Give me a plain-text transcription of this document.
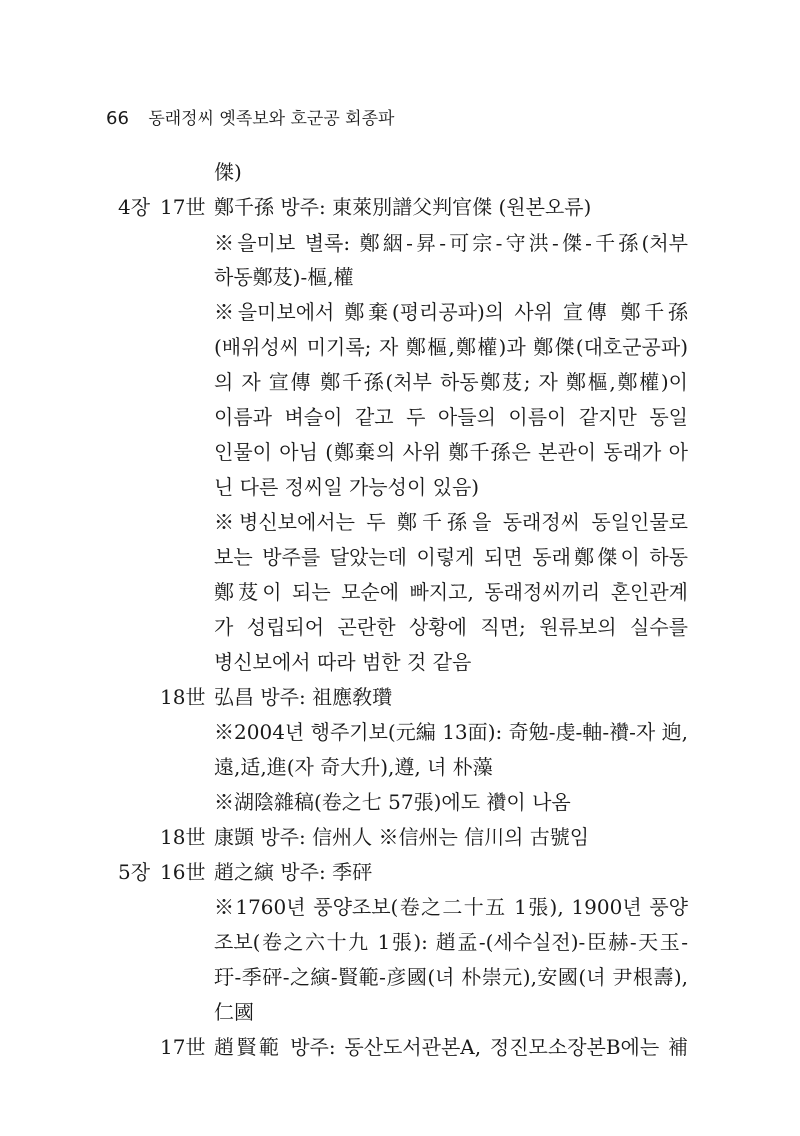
66 동래정씨 옛족보와 호군공 회종파
傑)
4장 17世 鄭千孫 방주: 東萊別譜父判官傑 (원본오류)
※을미보 별록: 鄭絪-昇-可宗-守洪-傑-千孫(처부
하동鄭芨)-樞,權
※을미보에서 鄭棄(평리공파)의 사위 宣傳 鄭千孫
(배위성씨 미기록; 자 鄭樞,鄭權)과 鄭傑(대호군공파)
의 자 宣傳 鄭千孫(처부 하동鄭芨; 자 鄭樞,鄭權)이
이름과 벼슬이 같고 두 아들의 이름이 같지만 동일
인물이 아님 (鄭棄의 사위 鄭千孫은 본관이 동래가 아
닌 다른 정씨일 가능성이 있음)
※병신보에서는 두 鄭千孫을 동래정씨 동일인물로
보는 방주를 달았는데 이렇게 되면 동래鄭傑이 하동
鄭芨이 되는 모순에 빠지고, 동래정씨끼리 혼인관계
가 성립되어 곤란한 상황에 직면; 원류보의 실수를
병신보에서 따라 범한 것 같음
18世 弘昌 방주: 祖應敎瓚
※2004년 행주기보(元編 13面): 奇勉-虔-軸-襸-자 逈,
遠,适,進(자 奇大升),遵, 녀 朴藻
※湖陰雜稿(卷之七 57張)에도 襸이 나옴
18世 康顗 방주: 信州人 ※信州는 信川의 古號임
5장 16世 趙之縯 방주: 季砰
※1760년 풍양조보(卷之二十五 1張), 1900년 풍양
조보(卷之六十九 1張): 趙孟-(세수실전)-臣赫-天玉-
玗-季砰-之縯-賢範-彦國(녀 朴崇元),安國(녀 尹根壽),
仁國
17世 趙賢範 방주: 동산도서관본A, 정진모소장본B에는 補
